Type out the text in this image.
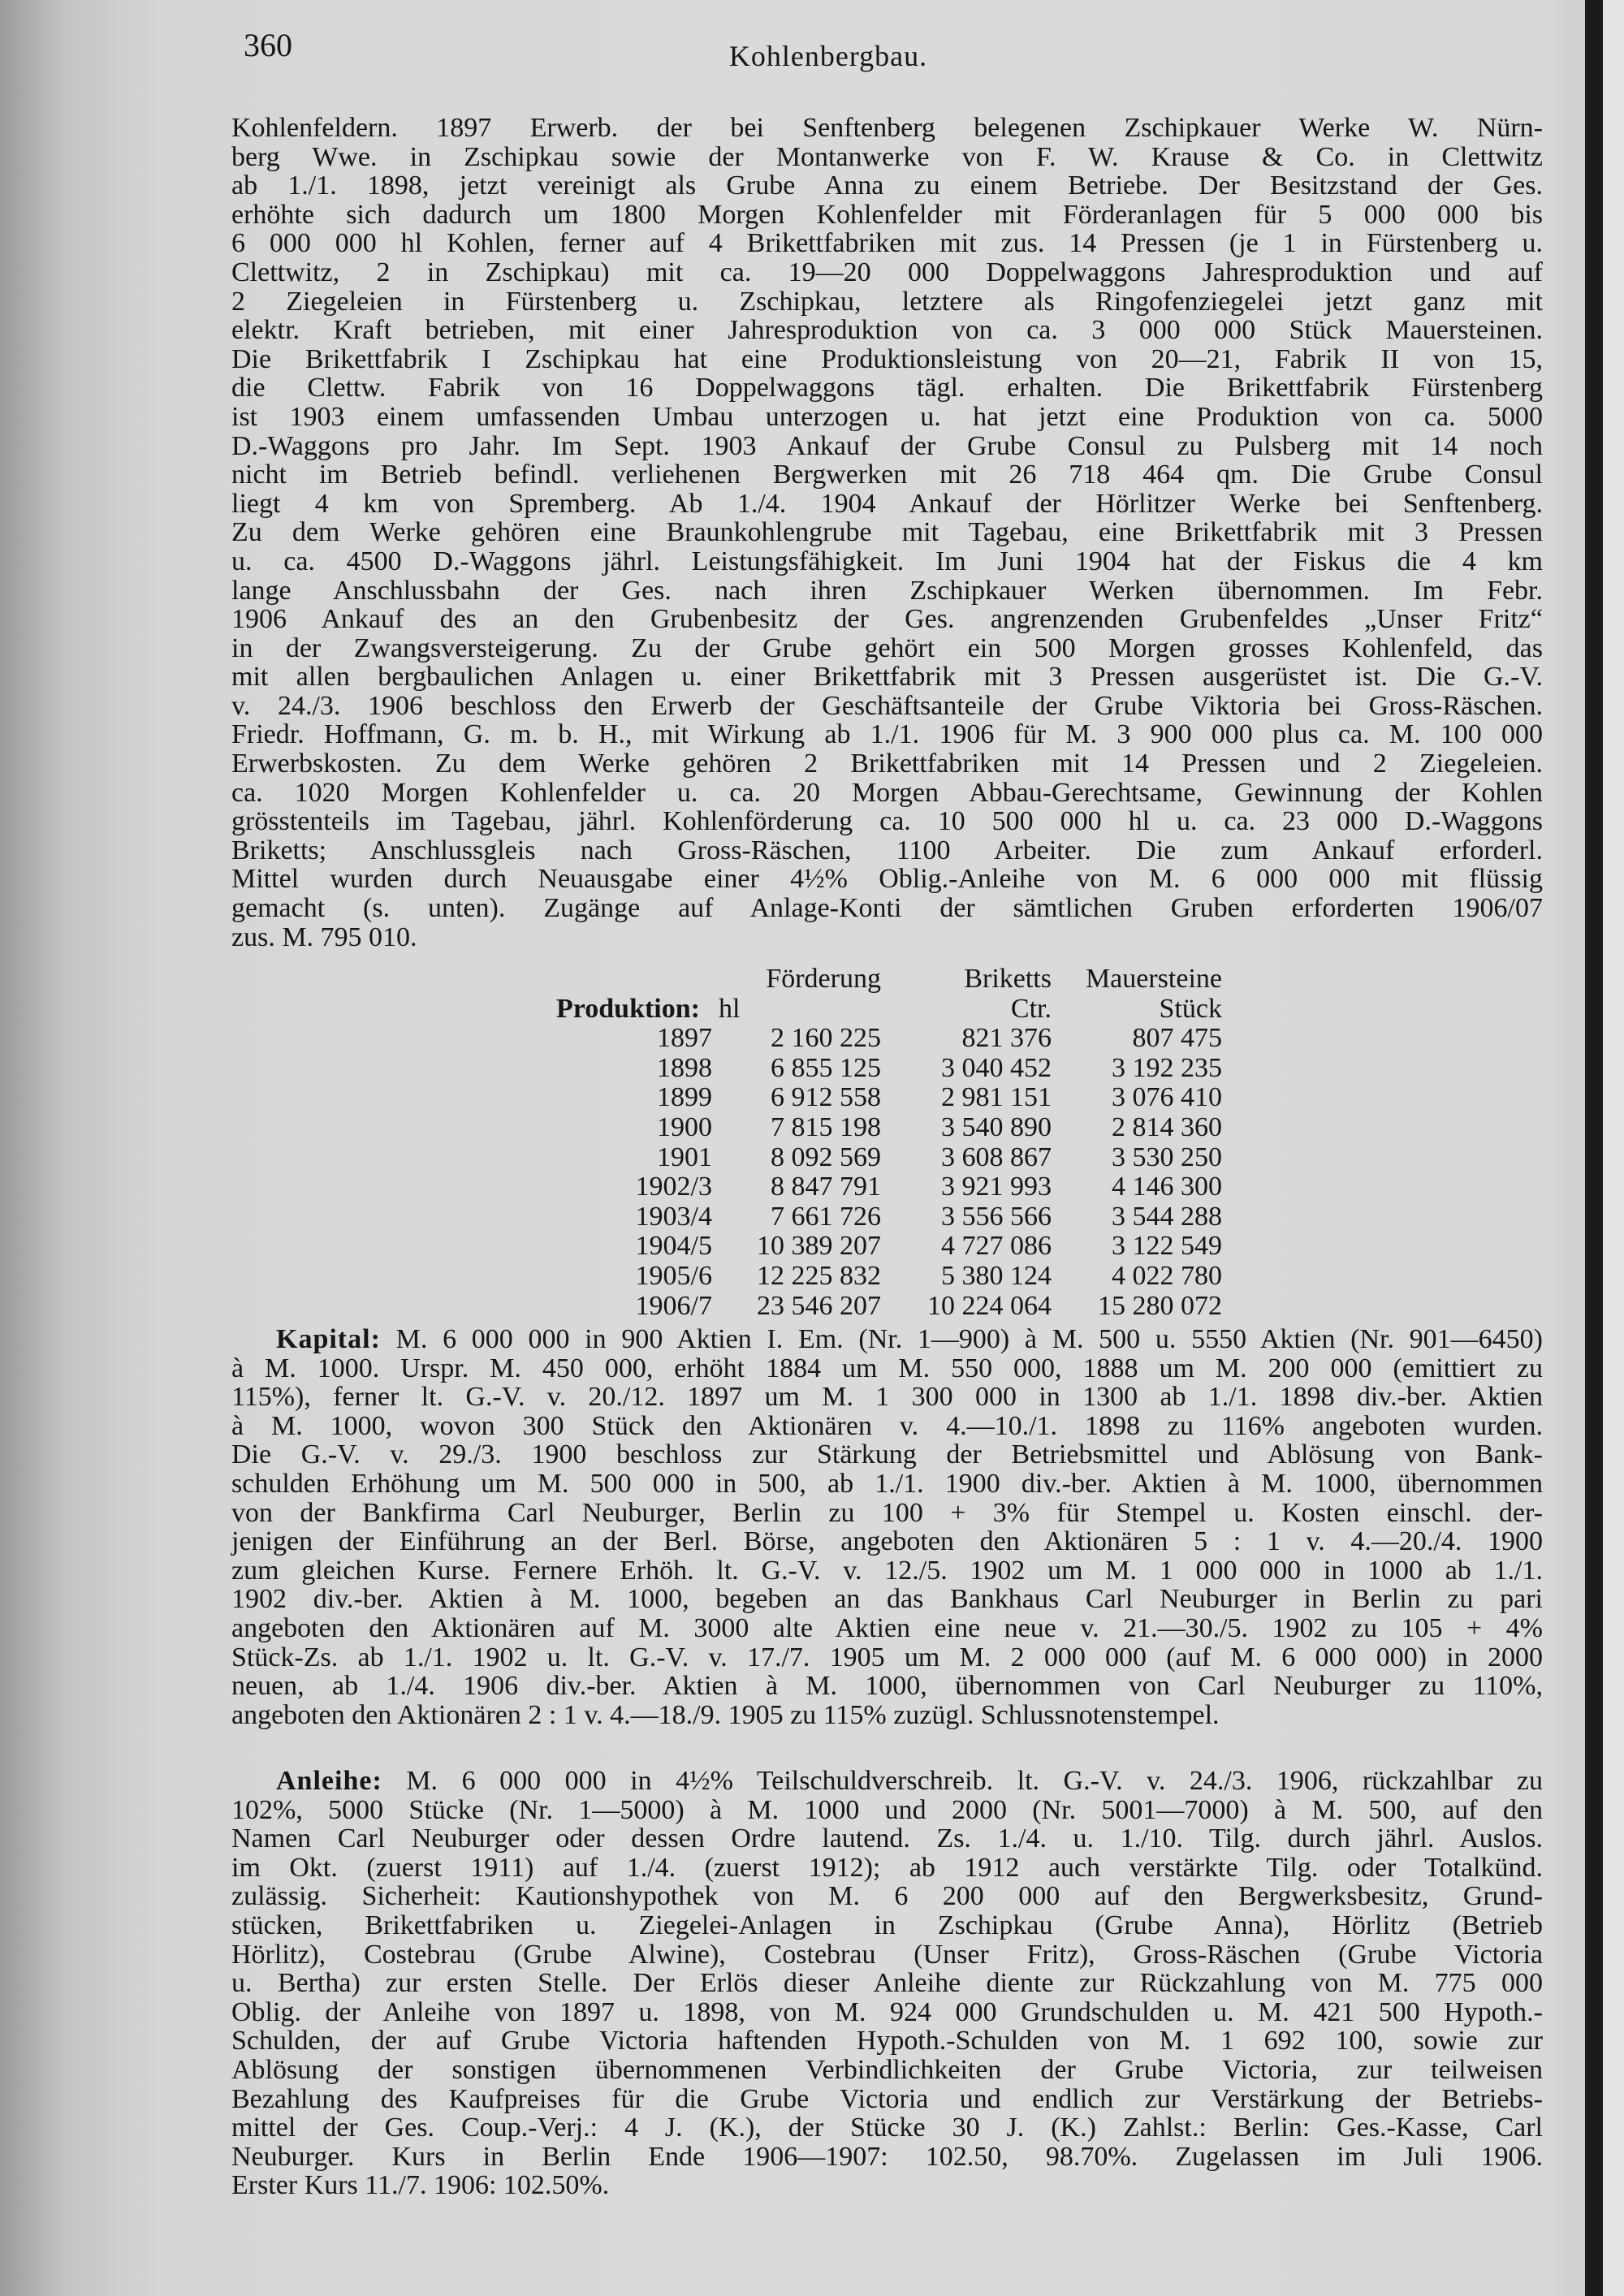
360	Kohlenbergbau.
Kohlenfeldern. 1897 Erwerb. der bei Senftenberg belegenen Zschipkauer Werke W. Nürn-
berg Wwe. in Zschipkau sowie der Montanwerke von F. W. Krause & Co. in Clettwitz
ab 1./1. 1898, jetzt vereinigt als Grube Anna zu einem Betriebe. Der Besitzstand der Ges.
erhöhte sich dadurch um 1800 Morgen Kohlenfelder mit Förderanlagen für 5 000 000 bis
6 000 000 hl Kohlen, ferner auf 4 Brikettfabriken mit zus. 14 Pressen (je 1 in Fürstenberg u.
Clettwitz, 2 in Zschipkau) mit ca. 19—20 000 Doppelwaggons Jahresproduktion und auf
2 Ziegeleien in Fürstenberg u. Zschipkau, letztere als Ringofenziegelei jetzt ganz mit
elektr. Kraft betrieben, mit einer Jahresproduktion von ca. 3 000 000 Stück Mauersteinen.
Die Brikettfabrik I Zschipkau hat eine Produktionsleistung von 20—21, Fabrik II von 15,
die Clettw. Fabrik von 16 Doppelwaggons tägl. erhalten. Die Brikettfabrik Fürstenberg
ist 1903 einem umfassenden Umbau unterzogen u. hat jetzt eine Produktion von ca. 5000
D.-Waggons pro Jahr. Im Sept. 1903 Ankauf der Grube Consul zu Pulsberg mit 14 noch
nicht im Betrieb befindl. verliehenen Bergwerken mit 26 718 464 qm. Die Grube Consul
liegt 4 km von Spremberg. Ab 1./4. 1904 Ankauf der Hörlitzer Werke bei Senftenberg.
Zu dem Werke gehören eine Braunkohlengrube mit Tagebau, eine Brikettfabrik mit 3 Pressen
u. ca. 4500 D.-Waggons jährl. Leistungsfähigkeit. Im Juni 1904 hat der Fiskus die 4 km
lange Anschlussbahn der Ges. nach ihren Zschipkauer Werken übernommen. Im Febr.
1906 Ankauf des an den Grubenbesitz der Ges. angrenzenden Grubenfeldes „Unser Fritz“
in der Zwangsversteigerung. Zu der Grube gehört ein 500 Morgen grosses Kohlenfeld, das
mit allen bergbaulichen Anlagen u. einer Brikettfabrik mit 3 Pressen ausgerüstet ist. Die G.-V.
v. 24./3. 1906 beschloss den Erwerb der Geschäftsanteile der Grube Viktoria bei Gross-Räschen.
Friedr. Hoffmann, G. m. b. H., mit Wirkung ab 1./1. 1906 für M. 3 900 000 plus ca. M. 100 000
Erwerbskosten. Zu dem Werke gehören 2 Brikettfabriken mit 14 Pressen und 2 Ziegeleien.
ca. 1020 Morgen Kohlenfelder u. ca. 20 Morgen Abbau-Gerechtsame, Gewinnung der Kohlen
grösstenteils im Tagebau, jährl. Kohlenförderung ca. 10 500 000 hl u. ca. 23 000 D.-Waggons
Briketts; Anschlussgleis nach Gross-Räschen, 1100 Arbeiter. Die zum Ankauf erforderl.
Mittel wurden durch Neuausgabe einer 4½% Oblig.-Anleihe von M. 6 000 000 mit flüssig
gemacht (s. unten). Zugänge auf Anlage-Konti der sämtlichen Gruben erforderten 1906/07
zus. M. 795 010.
	Förderung	Briketts	Mauersteine
Produktion:	hl	Ctr.	Stück
1897	2 160 225	821 376	807 475
1898	6 855 125	3 040 452	3 192 235
1899	6 912 558	2 981 151	3 076 410
1900	7 815 198	3 540 890	2 814 360
1901	8 092 569	3 608 867	3 530 250
1902/3	8 847 791	3 921 993	4 146 300
1903/4	7 661 726	3 556 566	3 544 288
1904/5	10 389 207	4 727 086	3 122 549
1905/6	12 225 832	5 380 124	4 022 780
1906/7	23 546 207	10 224 064	15 280 072
Kapital: M. 6 000 000 in 900 Aktien I. Em. (Nr. 1—900) à M. 500 u. 5550 Aktien (Nr. 901—6450)
à M. 1000. Urspr. M. 450 000, erhöht 1884 um M. 550 000, 1888 um M. 200 000 (emittiert zu
115%), ferner lt. G.-V. v. 20./12. 1897 um M. 1 300 000 in 1300 ab 1./1. 1898 div.-ber. Aktien
à M. 1000, wovon 300 Stück den Aktionären v. 4.—10./1. 1898 zu 116% angeboten wurden.
Die G.-V. v. 29./3. 1900 beschloss zur Stärkung der Betriebsmittel und Ablösung von Bank-
schulden Erhöhung um M. 500 000 in 500, ab 1./1. 1900 div.-ber. Aktien à M. 1000, übernommen
von der Bankfirma Carl Neuburger, Berlin zu 100 + 3% für Stempel u. Kosten einschl. der-
jenigen der Einführung an der Berl. Börse, angeboten den Aktionären 5 : 1 v. 4.—20./4. 1900
zum gleichen Kurse. Fernere Erhöh. lt. G.-V. v. 12./5. 1902 um M. 1 000 000 in 1000 ab 1./1.
1902 div.-ber. Aktien à M. 1000, begeben an das Bankhaus Carl Neuburger in Berlin zu pari
angeboten den Aktionären auf M. 3000 alte Aktien eine neue v. 21.—30./5. 1902 zu 105 + 4%
Stück-Zs. ab 1./1. 1902 u. lt. G.-V. v. 17./7. 1905 um M. 2 000 000 (auf M. 6 000 000) in 2000
neuen, ab 1./4. 1906 div.-ber. Aktien à M. 1000, übernommen von Carl Neuburger zu 110%,
angeboten den Aktionären 2 : 1 v. 4.—18./9. 1905 zu 115% zuzügl. Schlussnotenstempel.
Anleihe: M. 6 000 000 in 4½% Teilschuldverschreib. lt. G.-V. v. 24./3. 1906, rückzahlbar zu
102%, 5000 Stücke (Nr. 1—5000) à M. 1000 und 2000 (Nr. 5001—7000) à M. 500, auf den
Namen Carl Neuburger oder dessen Ordre lautend. Zs. 1./4. u. 1./10. Tilg. durch jährl. Auslos.
im Okt. (zuerst 1911) auf 1./4. (zuerst 1912); ab 1912 auch verstärkte Tilg. oder Totalkünd.
zulässig. Sicherheit: Kautionshypothek von M. 6 200 000 auf den Bergwerksbesitz, Grund-
stücken, Brikettfabriken u. Ziegelei-Anlagen in Zschipkau (Grube Anna), Hörlitz (Betrieb
Hörlitz), Costebrau (Grube Alwine), Costebrau (Unser Fritz), Gross-Räschen (Grube Victoria
u. Bertha) zur ersten Stelle. Der Erlös dieser Anleihe diente zur Rückzahlung von M. 775 000
Oblig. der Anleihe von 1897 u. 1898, von M. 924 000 Grundschulden u. M. 421 500 Hypoth.-
Schulden, der auf Grube Victoria haftenden Hypoth.-Schulden von M. 1 692 100, sowie zur
Ablösung der sonstigen übernommenen Verbindlichkeiten der Grube Victoria, zur teilweisen
Bezahlung des Kaufpreises für die Grube Victoria und endlich zur Verstärkung der Betriebs-
mittel der Ges. Coup.-Verj.: 4 J. (K.), der Stücke 30 J. (K.) Zahlst.: Berlin: Ges.-Kasse, Carl
Neuburger. Kurs in Berlin Ende 1906—1907: 102.50, 98.70%. Zugelassen im Juli 1906.
Erster Kurs 11./7. 1906: 102.50%.
